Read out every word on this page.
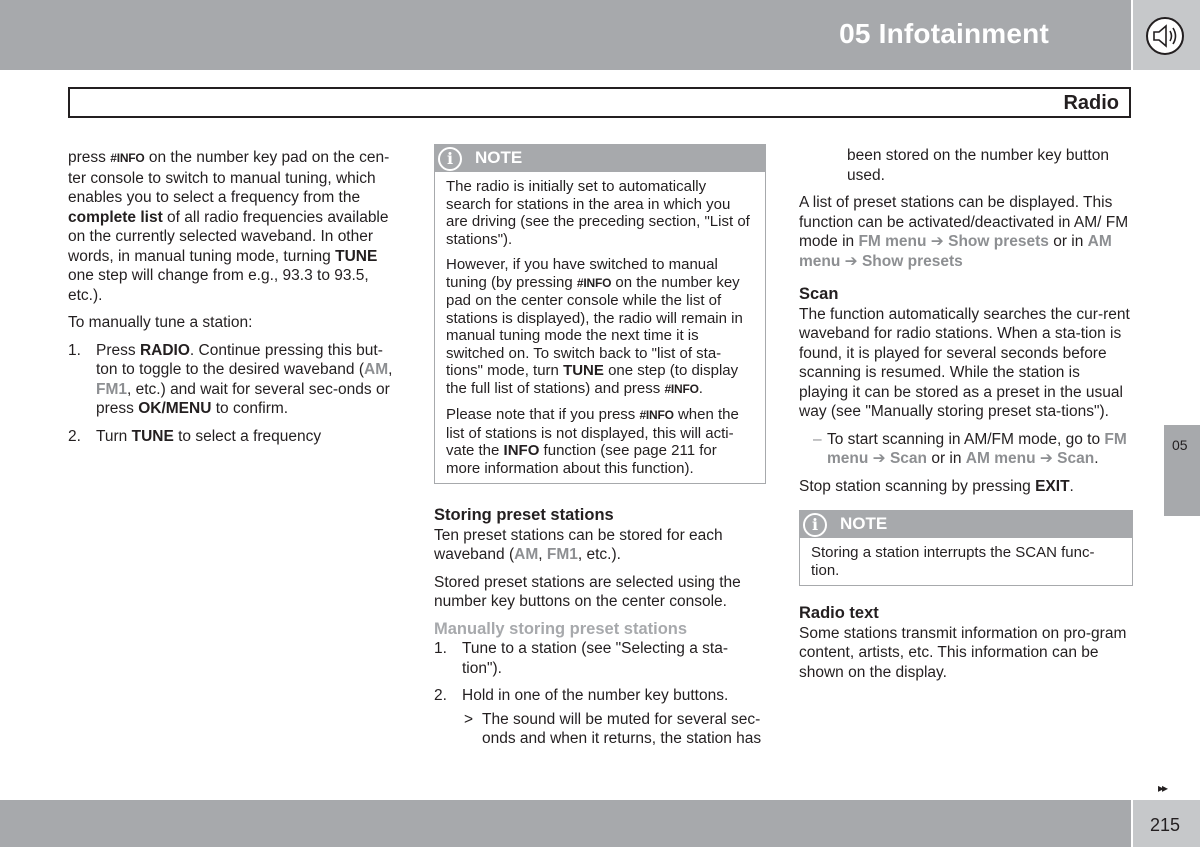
05 Infotainment
Radio

press #INFO on the number key pad on the cen-ter console to switch to manual tuning, which enables you to select a frequency from the complete list of all radio frequencies available on the currently selected waveband. In other words, in manual tuning mode, turning TUNE one step will change from e.g., 93.3 to 93.5, etc.).

To manually tune a station:

1. Press RADIO. Continue pressing this but-ton to toggle to the desired waveband (AM, FM1, etc.) and wait for several sec-onds or press OK/MENU to confirm.
2. Turn TUNE to select a frequency
i	NOTE

The radio is initially set to automatically search for stations in the area in which you are driving (see the preceding section, "List of stations").

However, if you have switched to manual tuning (by pressing #INFO on the number key pad on the center console while the list of stations is displayed), the radio will remain in manual tuning mode the next time it is switched on. To switch back to "list of sta-tions" mode, turn TUNE one step (to display the full list of stations) and press #INFO.

Please note that if you press #INFO when the list of stations is not displayed, this will acti-vate the INFO function (see page 211 for more information about this function).

Storing preset stations

Ten preset stations can be stored for each waveband (AM, FM1, etc.).

Stored preset stations are selected using the number key buttons on the center console.

Manually storing preset stations
1. Tune to a station (see "Selecting a sta-tion").
2. Hold in one of the number key buttons.
> The sound will be muted for several sec-onds and when it returns, the station has

been stored on the number key button used.

A list of preset stations can be displayed. This function can be activated/deactivated in AM/ FM mode in FM menu ➔ Show presets or in AM menu ➔ Show presets

Scan

The function automatically searches the cur-rent waveband for radio stations. When a sta-tion is found, it is played for several seconds before scanning is resumed. While the station is playing it can be stored as a preset in the usual way (see "Manually storing preset sta-tions").

– To start scanning in AM/FM mode, go to FM menu ➔ Scan or in AM menu ➔ Scan.

Stop station scanning by pressing EXIT.

i	NOTE

Storing a station interrupts the SCAN func-tion.

Radio text

Some stations transmit information on pro-gram content, artists, etc. This information can be shown on the display.

05
▸▸
215
